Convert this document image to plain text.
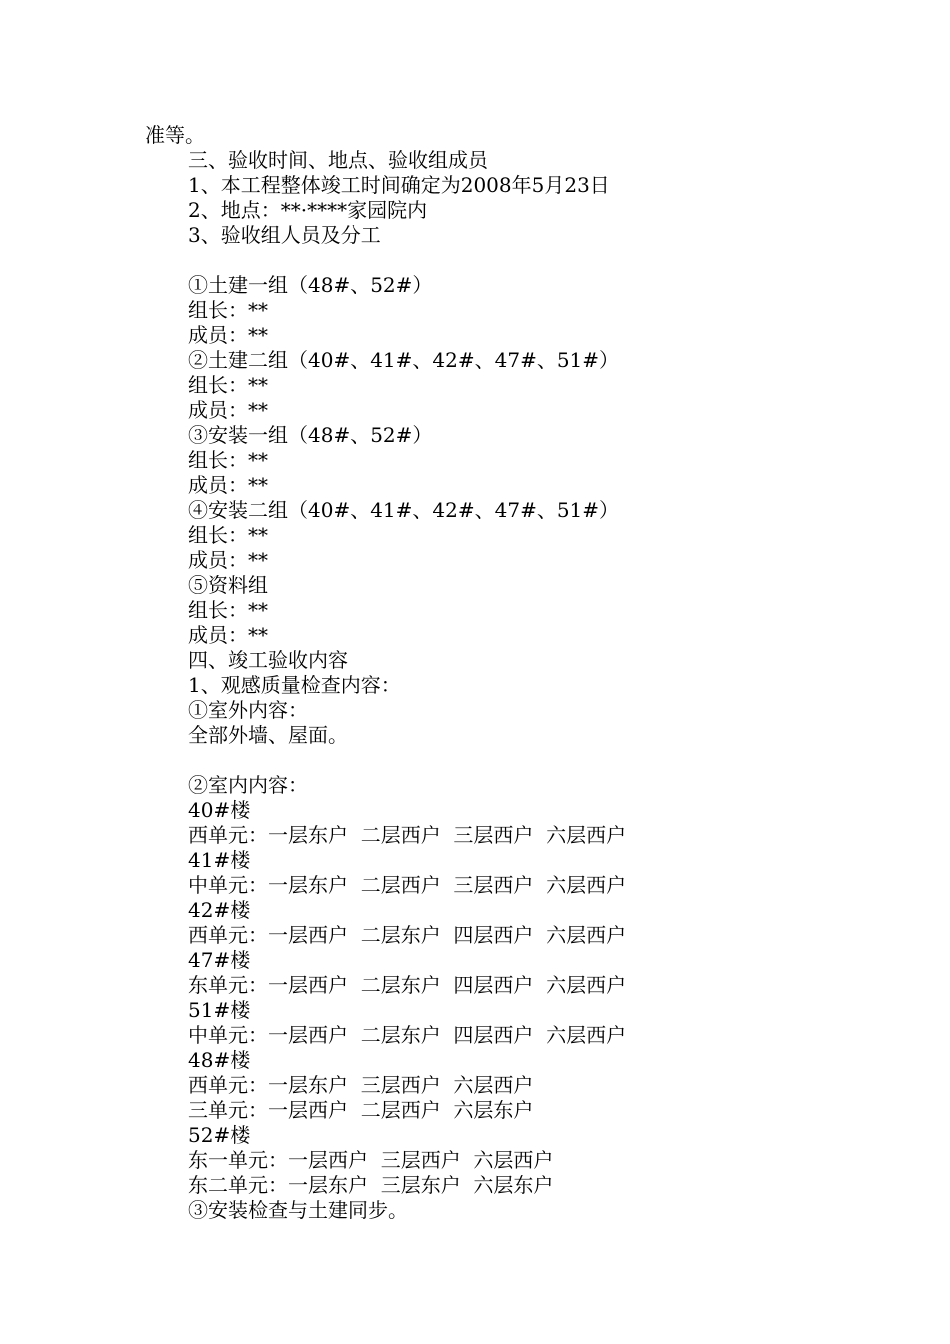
准等。
三、验收时间、地点、验收组成员
1、本工程整体竣工时间确定为2008年5月23日
2、地点：**·****家园院内
3、验收组人员及分工
①土建一组（48#、52#）
组长：**
成员：**
②土建二组（40#、41#、42#、47#、51#）
组长：**
成员：**
③安装一组（48#、52#）
组长：**
成员：**
④安装二组（40#、41#、42#、47#、51#）
组长：**
成员：**
⑤资料组
组长：**
成员：**
四、竣工验收内容
1、观感质量检查内容：
①室外内容：
全部外墙、屋面。
②室内内容：
40#楼
西单元：一层东户  二层西户  三层西户  六层西户
41#楼
中单元：一层东户  二层西户  三层西户  六层西户
42#楼
西单元：一层西户  二层东户  四层西户  六层西户
47#楼
东单元：一层西户  二层东户  四层西户  六层西户
51#楼
中单元：一层西户  二层东户  四层西户  六层西户
48#楼
西单元：一层东户  三层西户  六层西户
三单元：一层西户  二层西户  六层东户
52#楼
东一单元：一层西户  三层西户  六层西户
东二单元：一层东户  三层东户  六层东户
③安装检查与土建同步。
